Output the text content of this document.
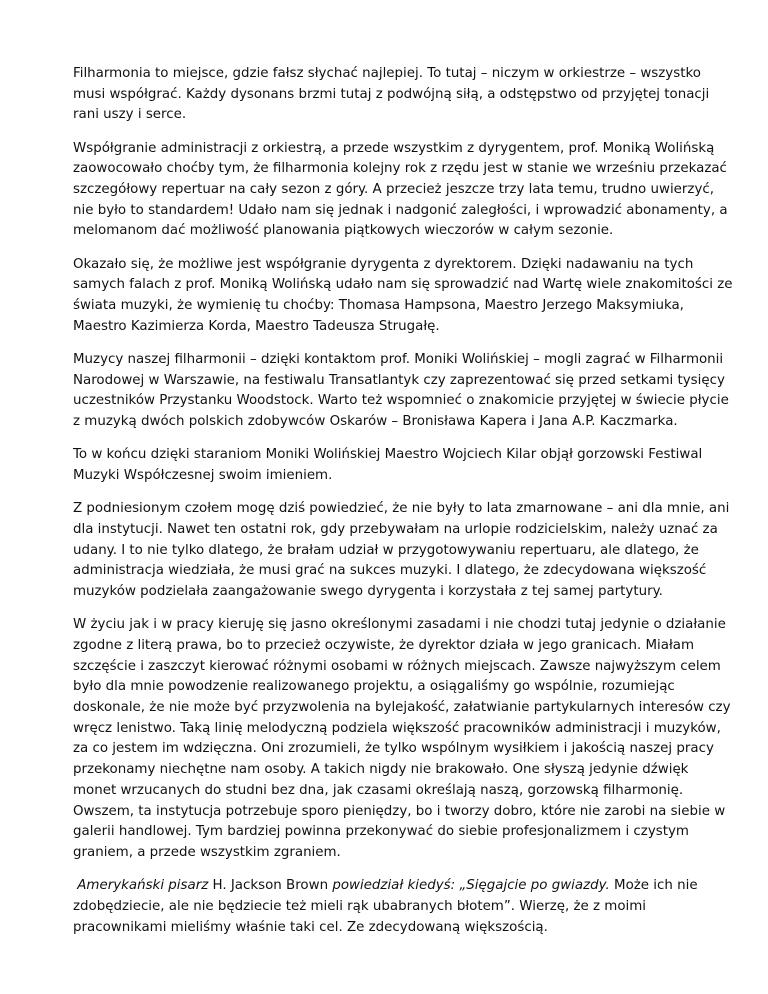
Filharmonia to miejsce, gdzie fałsz słychać najlepiej. To tutaj – niczym w orkiestrze – wszystko musi współgrać. Każdy dysonans brzmi tutaj z podwójną siłą, a odstępstwo od przyjętej tonacji rani uszy i serce.

Współgranie administracji z orkiestrą, a przede wszystkim z dyrygentem, prof. Moniką Wolińską zaowocowało choćby tym, że filharmonia kolejny rok z rzędu jest w stanie we wrześniu przekazać szczegółowy repertuar na cały sezon z góry. A przecież jeszcze trzy lata temu, trudno uwierzyć, nie było to standardem! Udało nam się jednak i nadgonić zaległości, i wprowadzić abonamenty, a melomanom dać możliwość planowania piątkowych wieczorów w całym sezonie.

Okazało się, że możliwe jest współgranie dyrygenta z dyrektorem. Dzięki nadawaniu na tych samych falach z prof. Moniką Wolińską udało nam się sprowadzić nad Wartę wiele znakomitości ze świata muzyki, że wymienię tu choćby: Thomasa Hampsona, Maestro Jerzego Maksymiuka, Maestro Kazimierza Korda, Maestro Tadeusza Strugałę.

Muzycy naszej filharmonii – dzięki kontaktom prof. Moniki Wolińskiej – mogli zagrać w Filharmonii Narodowej w Warszawie, na festiwalu Transatlantyk czy zaprezentować się przed setkami tysięcy uczestników Przystanku Woodstock. Warto też wspomnieć o znakomicie przyjętej w świecie płycie z muzyką dwóch polskich zdobywców Oskarów – Bronisława Kapera i Jana A.P. Kaczmarka.

To w końcu dzięki staraniom Moniki Wolińskiej Maestro Wojciech Kilar objął gorzowski Festiwal Muzyki Współczesnej swoim imieniem.

Z podniesionym czołem mogę dziś powiedzieć, że nie były to lata zmarnowane – ani dla mnie, ani dla instytucji. Nawet ten ostatni rok, gdy przebywałam na urlopie rodzicielskim, należy uznać za udany. I to nie tylko dlatego, że brałam udział w przygotowywaniu repertuaru, ale dlatego, że administracja wiedziała, że musi grać na sukces muzyki. I dlatego, że zdecydowana większość muzyków podzielała zaangażowanie swego dyrygenta i korzystała z tej samej partytury.

W życiu jak i w pracy kieruję się jasno określonymi zasadami i nie chodzi tutaj jedynie o działanie zgodne z literą prawa, bo to przecież oczywiste, że dyrektor działa w jego granicach. Miałam szczęście i zaszczyt kierować różnymi osobami w różnych miejscach. Zawsze najwyższym celem było dla mnie powodzenie realizowanego projektu, a osiągaliśmy go wspólnie, rozumiejąc doskonale, że nie może być przyzwolenia na bylejakość, załatwianie partykularnych interesów czy wręcz lenistwo. Taką linię melodyczną podziela większość pracowników administracji i muzyków, za co jestem im wdzięczna. Oni zrozumieli, że tylko wspólnym wysiłkiem i jakością naszej pracy przekonamy niechętne nam osoby. A takich nigdy nie brakowało. One słyszą jedynie dźwięk monet wrzucanych do studni bez dna, jak czasami określają naszą, gorzowską filharmonię. Owszem, ta instytucja potrzebuje sporo pieniędzy, bo i tworzy dobro, które nie zarobi na siebie w galerii handlowej. Tym bardziej powinna przekonywać do siebie profesjonalizmem i czystym graniem, a przede wszystkim zgraniem.

Amerykański pisarz H. Jackson Brown powiedział kiedyś: „Sięgajcie po gwiazdy. Może ich nie zdobędziecie, ale nie będziecie też mieli rąk ubabranych błotem”. Wierzę, że z moimi pracownikami mieliśmy właśnie taki cel. Ze zdecydowaną większością.
